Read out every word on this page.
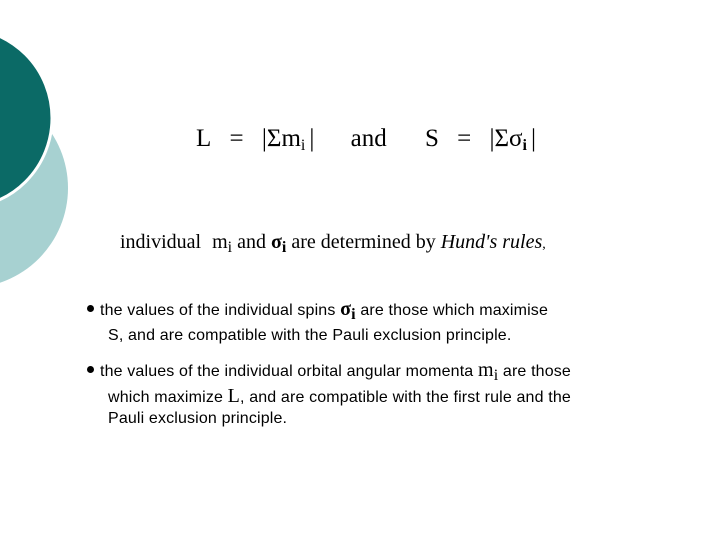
L = |Σmi | and S = |Σσi |
individual $m_i$ and $\sigma_i$ are determined by Hund's rules,
the values of the individual spins $\sigma_i$ are those which maximise
S, and are compatible with the Pauli exclusion principle.
the values of the individual orbital angular momenta $m_i$ are those
which maximize L, and are compatible with the first rule and the
Pauli exclusion principle.
